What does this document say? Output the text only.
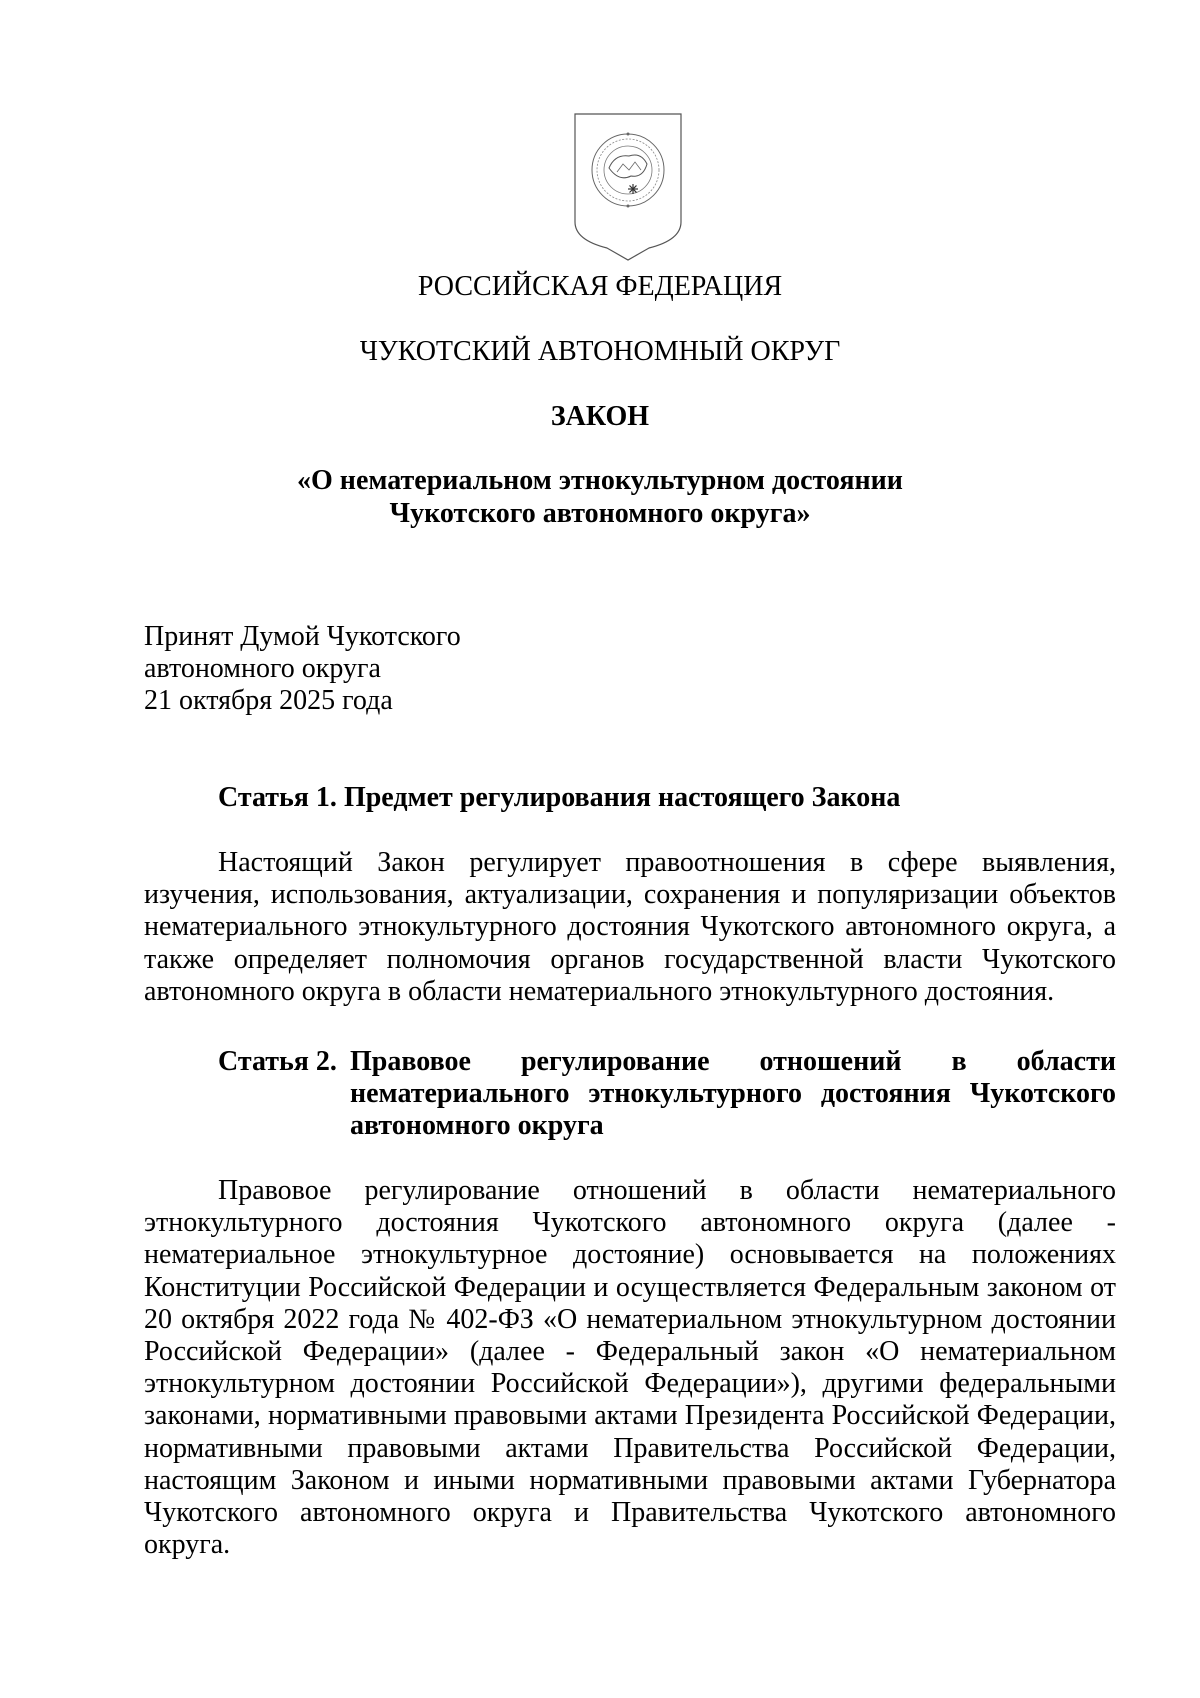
РОССИЙСКАЯ ФЕДЕРАЦИЯ
ЧУКОТСКИЙ АВТОНОМНЫЙ ОКРУГ
ЗАКОН
«О нематериальном этнокультурном достоянии
Чукотского автономного округа»
Принят Думой Чукотского
автономного округа
21 октября 2025 года
Статья 1. Предмет регулирования настоящего Закона

Настоящий Закон регулирует правоотношения в сфере выявления, изучения, использования, актуализации, сохранения и популяризации объектов нематериального этнокультурного достояния Чукотского автономного округа, а также определяет полномочия органов государственной власти Чукотского автономного округа в области нематериального этнокультурного достояния.

Статья 2. Правовое регулирование отношений в области нематериального этнокультурного достояния Чукотского автономного округа

Правовое регулирование отношений в области нематериального этнокультурного достояния Чукотского автономного округа (далее - нематериальное этнокультурное достояние) основывается на положениях Конституции Российской Федерации и осуществляется Федеральным законом от 20 октября 2022 года № 402-ФЗ «О нематериальном этнокультурном достоянии Российской Федерации» (далее - Федеральный закон «О нематериальном этнокультурном достоянии Российской Федерации»), другими федеральными законами, нормативными правовыми актами Президента Российской Федерации, нормативными правовыми актами Правительства Российской Федерации, настоящим Законом и иными нормативными правовыми актами Губернатора Чукотского автономного округа и Правительства Чукотского автономного округа.
